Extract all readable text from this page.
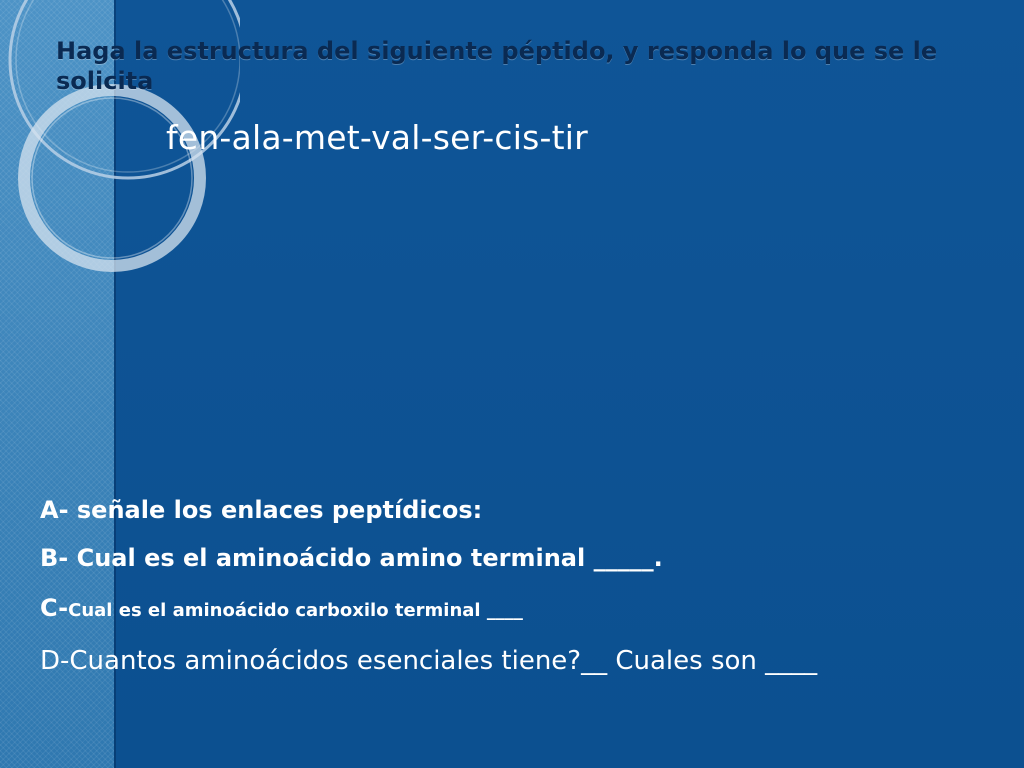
Haga la estructura del siguiente péptido, y responda lo que se le solicita

fen-ala-met-val-ser-cis-tir

A- señale los enlaces peptídicos:
B- Cual es el aminoácido amino terminal _____.
C-Cual es el aminoácido carboxilo terminal ____
D-Cuantos aminoácidos esenciales tiene?__ Cuales son ____
